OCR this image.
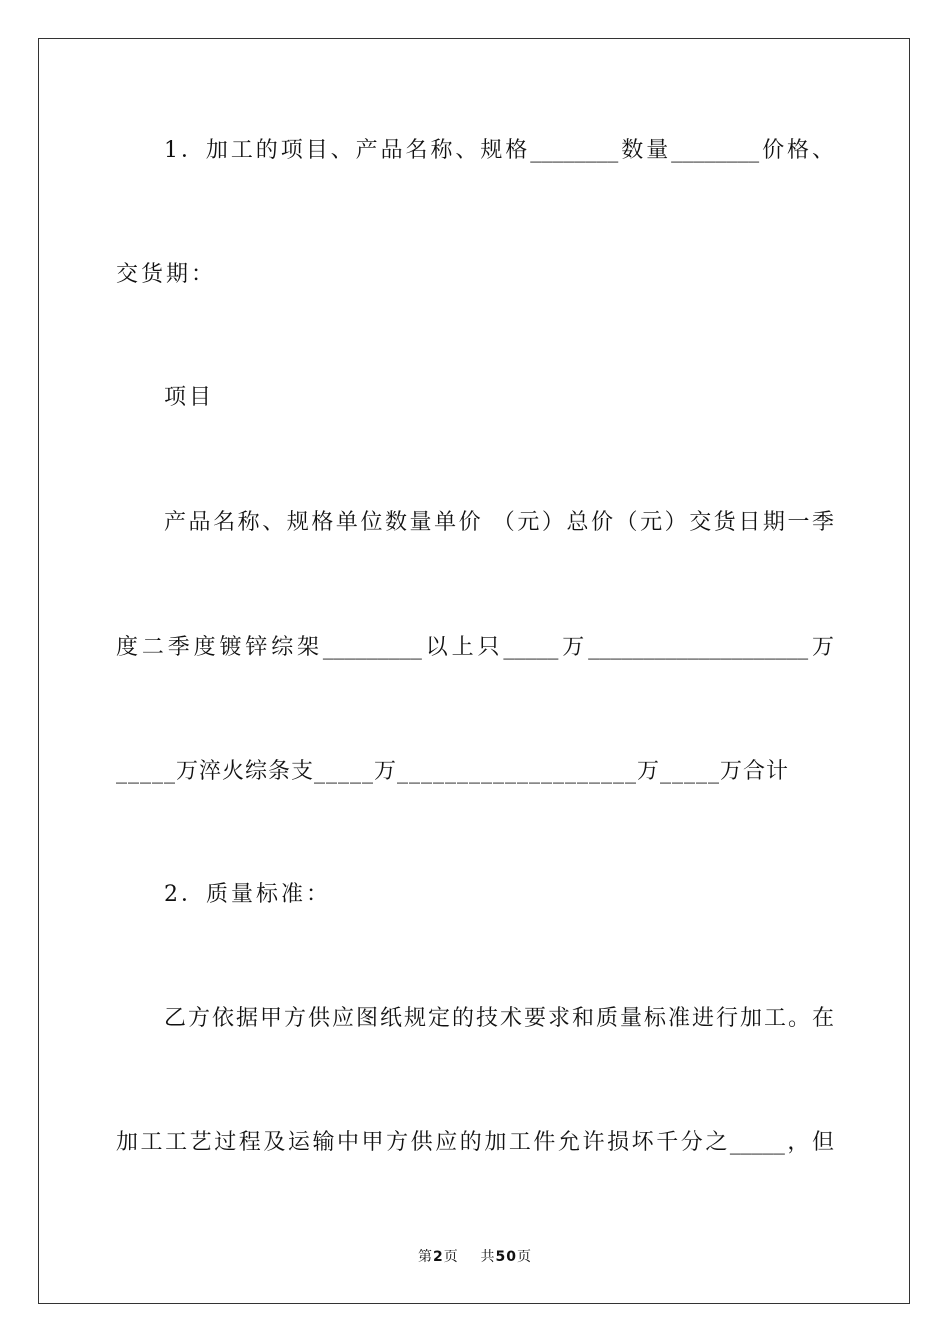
1．加工的项目、产品名称、规格________数量________价格、
交货期：
项目
产品名称、规格单位数量单价 （元）总价（元）交货日期一季
度二季度镀锌综架_________以上只_____万____________________万
_____万淬火综条支_____万____________________万_____万合计
2．质量标准：
乙方依据甲方供应图纸规定的技术要求和质量标准进行加工。在
加工工艺过程及运输中甲方供应的加工件允许损坏千分之_____，但
第2页 共50页
